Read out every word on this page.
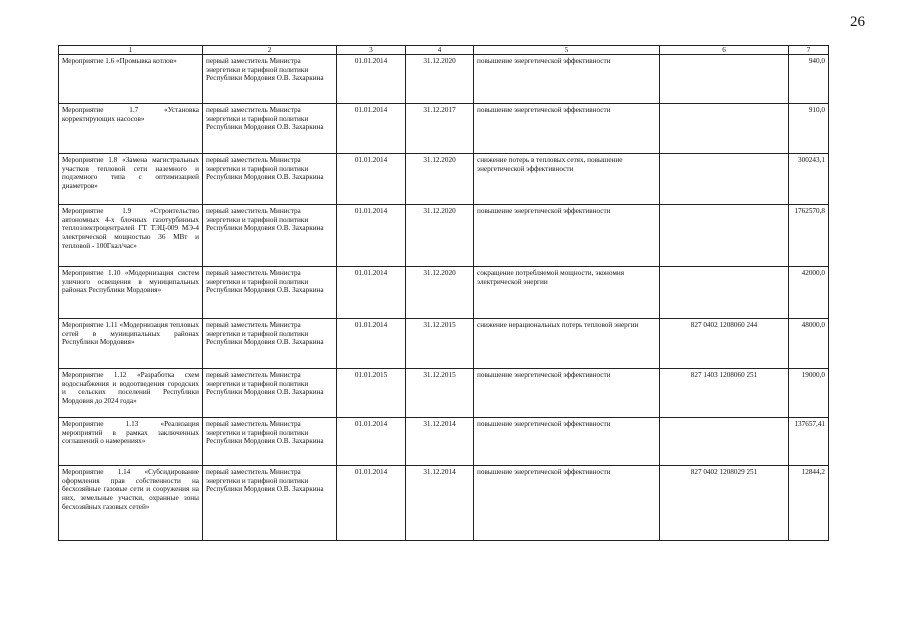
26
1	2	3	4	5	6	7
Мероприятие 1.6 «Промывка котлов»	первый заместитель Министра энергетики и тарифной политики Республики Мордовия О.В. Захаркина	01.01.2014	31.12.2020	повышение энергетической эффективности		940,0
Мероприятие 1.7 «Установка корректирующих насосов»	первый заместитель Министра энергетики и тарифной политики Республики Мордовия О.В. Захаркина	01.01.2014	31.12.2017	повышение энергетической эффективности		910,0
Мероприятие 1.8 «Замена магистральных участков тепловой сети наземного и подземного типа с оптимизацией диаметров»	первый заместитель Министра энергетики и тарифной политики Республики Мордовия О.В. Захаркина	01.01.2014	31.12.2020	снижение потерь в тепловых сетях, повышение энергетической эффективности		300243,1
Мероприятие 1.9 «Строительство автономных 4-х блочных газотурбинных теплоэлектроцентралей ГТ ТЭЦ-009 МЭ-4 электрической мощностью 36 МВт и тепловой - 100Гкал/час»	первый заместитель Министра энергетики и тарифной политики Республики Мордовия О.В. Захаркина	01.01.2014	31.12.2020	повышение энергетической эффективности		1762570,8
Мероприятие 1.10 «Модернизация систем уличного освещения в муниципальных районах Республики Мордовия»	первый заместитель Министра энергетики и тарифной политики Республики Мордовия О.В. Захаркина	01.01.2014	31.12.2020	сокращение потребляемой мощности, экономия электрической энергии		42000,0
Мероприятие 1.11 «Модернизация тепловых сетей в муниципальных районах Республики Мордовия»	первый заместитель Министра энергетики и тарифной политики Республики Мордовия О.В. Захаркина	01.01.2014	31.12.2015	снижение нерациональных потерь тепловой энергии	827 0402 1208060 244	48000,0
Мероприятие 1.12 «Разработка схем водоснабжения и водоотведения городских и сельских поселений Республики Мордовия до 2024 года»	первый заместитель Министра энергетики и тарифной политики Республики Мордовия О.В. Захаркина	01.01.2015	31.12.2015	повышение энергетической эффективности	827 1403 1208060 251	19000,0
Мероприятие 1.13 «Реализация мероприятий в рамках заключенных соглашений о намерениях»	первый заместитель Министра энергетики и тарифной политики Республики Мордовия О.В. Захаркина	01.01.2014	31.12.2014	повышение энергетической эффективности		137657,41
Мероприятие 1.14 «Субсидирование оформления прав собственности на бесхозяйные газовые сети и сооружения на них, земельные участки, охранные зоны бесхозяйных газовых сетей»	первый заместитель Министра энергетики и тарифной политики Республики Мордовия О.В. Захаркина	01.01.2014	31.12.2014	повышение энергетической эффективности	827 0402 1208029 251	12844,2
